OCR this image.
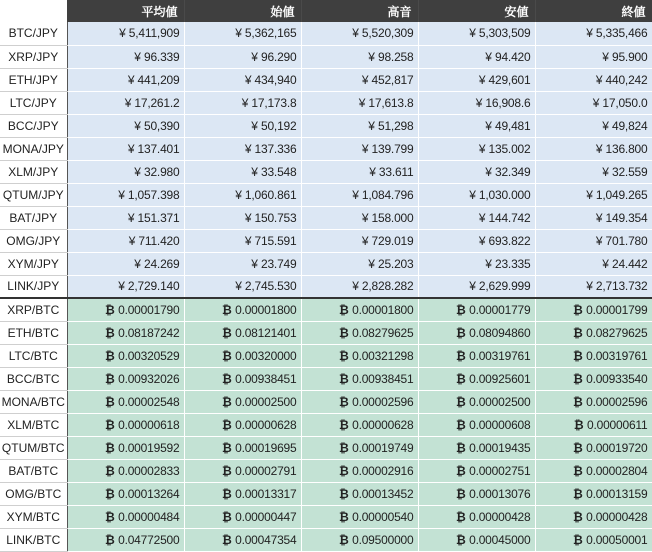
	平均値	始値	高音	安値	終値
BTC/JPY	¥ 5,411,909	¥ 5,362,165	¥ 5,520,309	¥ 5,303,509	¥ 5,335,466
XRP/JPY	¥ 96.339	¥ 96.290	¥ 98.258	¥ 94.420	¥ 95.900
ETH/JPY	¥ 441,209	¥ 434,940	¥ 452,817	¥ 429,601	¥ 440,242
LTC/JPY	¥ 17,261.2	¥ 17,173.8	¥ 17,613.8	¥ 16,908.6	¥ 17,050.0
BCC/JPY	¥ 50,390	¥ 50,192	¥ 51,298	¥ 49,481	¥ 49,824
MONA/JPY	¥ 137.401	¥ 137.336	¥ 139.799	¥ 135.002	¥ 136.800
XLM/JPY	¥ 32.980	¥ 33.548	¥ 33.611	¥ 32.349	¥ 32.559
QTUM/JPY	¥ 1,057.398	¥ 1,060.861	¥ 1,084.796	¥ 1,030.000	¥ 1,049.265
BAT/JPY	¥ 151.371	¥ 150.753	¥ 158.000	¥ 144.742	¥ 149.354
OMG/JPY	¥ 711.420	¥ 715.591	¥ 729.019	¥ 693.822	¥ 701.780
XYM/JPY	¥ 24.269	¥ 23.749	¥ 25.203	¥ 23.335	¥ 24.442
LINK/JPY	¥ 2,729.140	¥ 2,745.530	¥ 2,828.282	¥ 2,629.999	¥ 2,713.732
XRP/BTC	₿ 0.00001790	₿ 0.00001800	₿ 0.00001800	₿ 0.00001779	₿ 0.00001799
ETH/BTC	₿ 0.08187242	₿ 0.08121401	₿ 0.08279625	₿ 0.08094860	₿ 0.08279625
LTC/BTC	₿ 0.00320529	₿ 0.00320000	₿ 0.00321298	₿ 0.00319761	₿ 0.00319761
BCC/BTC	₿ 0.00932026	₿ 0.00938451	₿ 0.00938451	₿ 0.00925601	₿ 0.00933540
MONA/BTC	₿ 0.00002548	₿ 0.00002500	₿ 0.00002596	₿ 0.00002500	₿ 0.00002596
XLM/BTC	₿ 0.00000618	₿ 0.00000628	₿ 0.00000628	₿ 0.00000608	₿ 0.00000611
QTUM/BTC	₿ 0.00019592	₿ 0.00019695	₿ 0.00019749	₿ 0.00019435	₿ 0.00019720
BAT/BTC	₿ 0.00002833	₿ 0.00002791	₿ 0.00002916	₿ 0.00002751	₿ 0.00002804
OMG/BTC	₿ 0.00013264	₿ 0.00013317	₿ 0.00013452	₿ 0.00013076	₿ 0.00013159
XYM/BTC	₿ 0.00000484	₿ 0.00000447	₿ 0.00000540	₿ 0.00000428	₿ 0.00000428
LINK/BTC	₿ 0.04772500	₿ 0.00047354	₿ 0.09500000	₿ 0.00045000	₿ 0.00050001
